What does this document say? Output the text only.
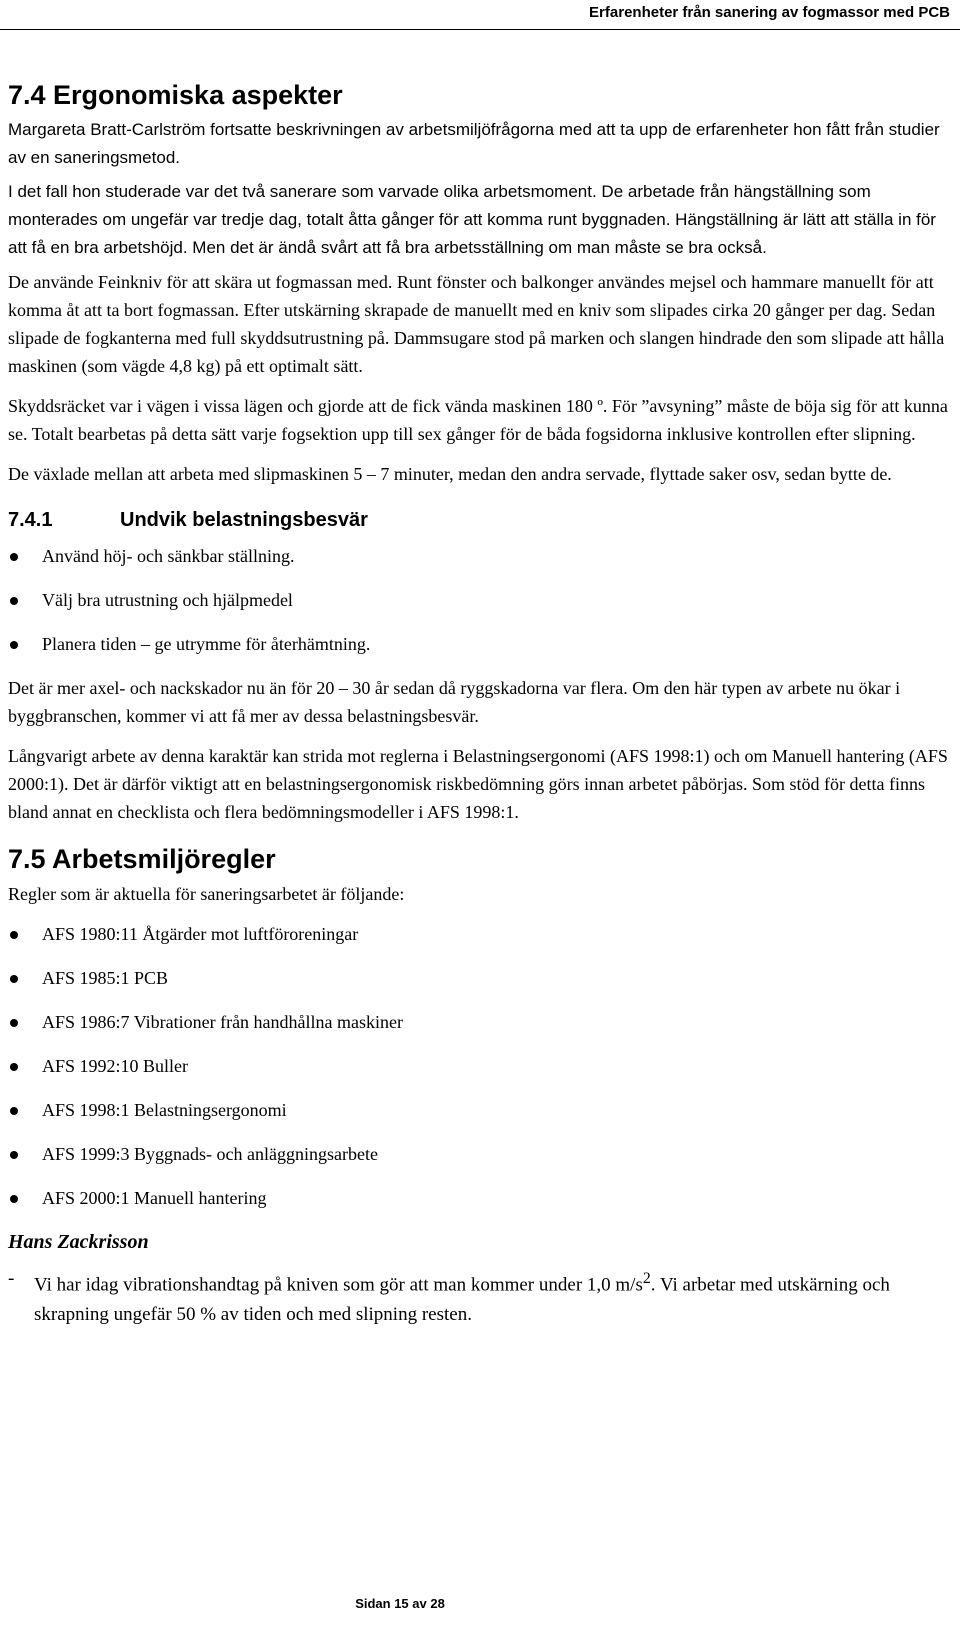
Erfarenheter från sanering av fogmassor med PCB
7.4 Ergonomiska aspekter

Margareta Bratt-Carlström fortsatte beskrivningen av arbetsmiljöfrågorna med att ta upp de erfarenheter hon fått från studier av en saneringsmetod.

I det fall hon studerade var det två sanerare som varvade olika arbetsmoment. De arbetade från hängställning som monterades om ungefär var tredje dag, totalt åtta gånger för att komma runt byggnaden. Hängställning är lätt att ställa in för att få en bra arbetshöjd. Men det är ändå svårt att få bra arbetsställning om man måste se bra också.

De använde Feinkniv för att skära ut fogmassan med. Runt fönster och balkonger användes mejsel och hammare manuellt för att komma åt att ta bort fogmassan. Efter utskärning skrapade de manuellt med en kniv som slipades cirka 20 gånger per dag. Sedan slipade de fogkanterna med full skyddsutrustning på. Dammsugare stod på marken och slangen hindrade den som slipade att hålla maskinen (som vägde 4,8 kg) på ett optimalt sätt.

Skyddsräcket var i vägen i vissa lägen och gjorde att de fick vända maskinen 180 º. För ”avsyning” måste de böja sig för att kunna se. Totalt bearbetas på detta sätt varje fogsektion upp till sex gånger för de båda fogsidorna inklusive kontrollen efter slipning.

De växlade mellan att arbeta med slipmaskinen 5 – 7 minuter, medan den andra servade, flyttade saker osv, sedan bytte de.

7.4.1	Undvik belastningsbesvär
Använd höj- och sänkbar ställning.
Välj bra utrustning och hjälpmedel
Planera tiden – ge utrymme för återhämtning.

Det är mer axel- och nackskador nu än för 20 – 30 år sedan då ryggskadorna var flera. Om den här typen av arbete nu ökar i byggbranschen, kommer vi att få mer av dessa belastningsbesvär.

Långvarigt arbete av denna karaktär kan strida mot reglerna i Belastningsergonomi (AFS 1998:1) och om Manuell hantering (AFS 2000:1). Det är därför viktigt att en belastningsergonomisk riskbedömning görs innan arbetet påbörjas. Som stöd för detta finns bland annat en checklista och flera bedömningsmodeller i AFS 1998:1.

7.5 Arbetsmiljöregler

Regler som är aktuella för saneringsarbetet är följande:

AFS 1980:11 Åtgärder mot luftföroreningar
AFS 1985:1 PCB
AFS 1986:7 Vibrationer från handhållna maskiner
AFS 1992:10 Buller
AFS 1998:1 Belastningsergonomi
AFS 1999:3 Byggnads- och anläggningsarbete
AFS 2000:1 Manuell hantering
Hans Zackrisson
- Vi har idag vibrationshandtag på kniven som gör att man kommer under 1,0 $m/s^2$. Vi arbetar med utskärning och skrapning ungefär 50 % av tiden och med slipning resten.
Sidan 15 av 28
